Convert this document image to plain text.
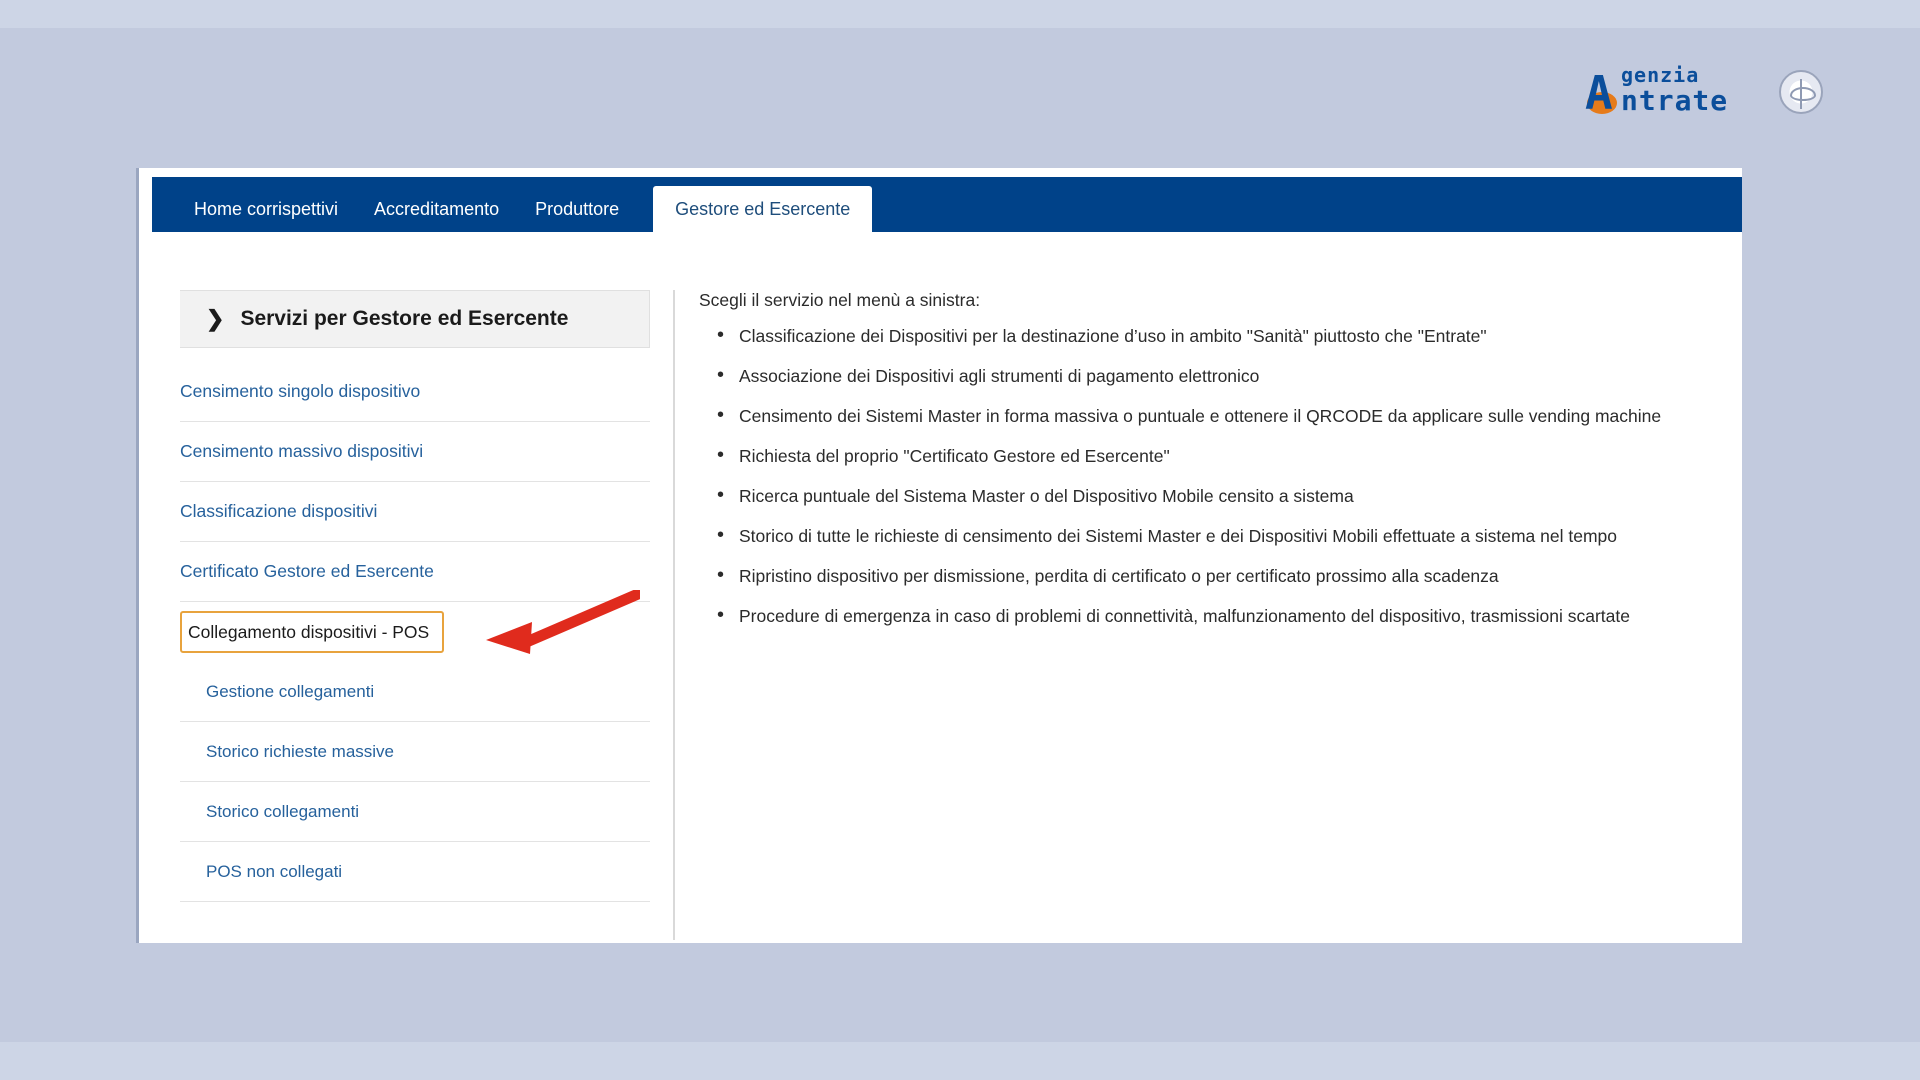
A genzia
ntrate
Home corrispettivi	Accreditamento	Produttore	Gestore ed Esercente
❯ Servizi per Gestore ed Esercente
Censimento singolo dispositivo
Censimento massivo dispositivi
Classificazione dispositivi
Certificato Gestore ed Esercente
Collegamento dispositivi - POS
Gestione collegamenti
Storico richieste massive
Storico collegamenti
POS non collegati
Scegli il servizio nel menù a sinistra:
• Classificazione dei Dispositivi per la destinazione d’uso in ambito "Sanità" piuttosto che "Entrate"
• Associazione dei Dispositivi agli strumenti di pagamento elettronico
• Censimento dei Sistemi Master in forma massiva o puntuale e ottenere il QRCODE da applicare sulle vending machine
• Richiesta del proprio "Certificato Gestore ed Esercente"
• Ricerca puntuale del Sistema Master o del Dispositivo Mobile censito a sistema
• Storico di tutte le richieste di censimento dei Sistemi Master e dei Dispositivi Mobili effettuate a sistema nel tempo
• Ripristino dispositivo per dismissione, perdita di certificato o per certificato prossimo alla scadenza
• Procedure di emergenza in caso di problemi di connettività, malfunzionamento del dispositivo, trasmissioni scartate
